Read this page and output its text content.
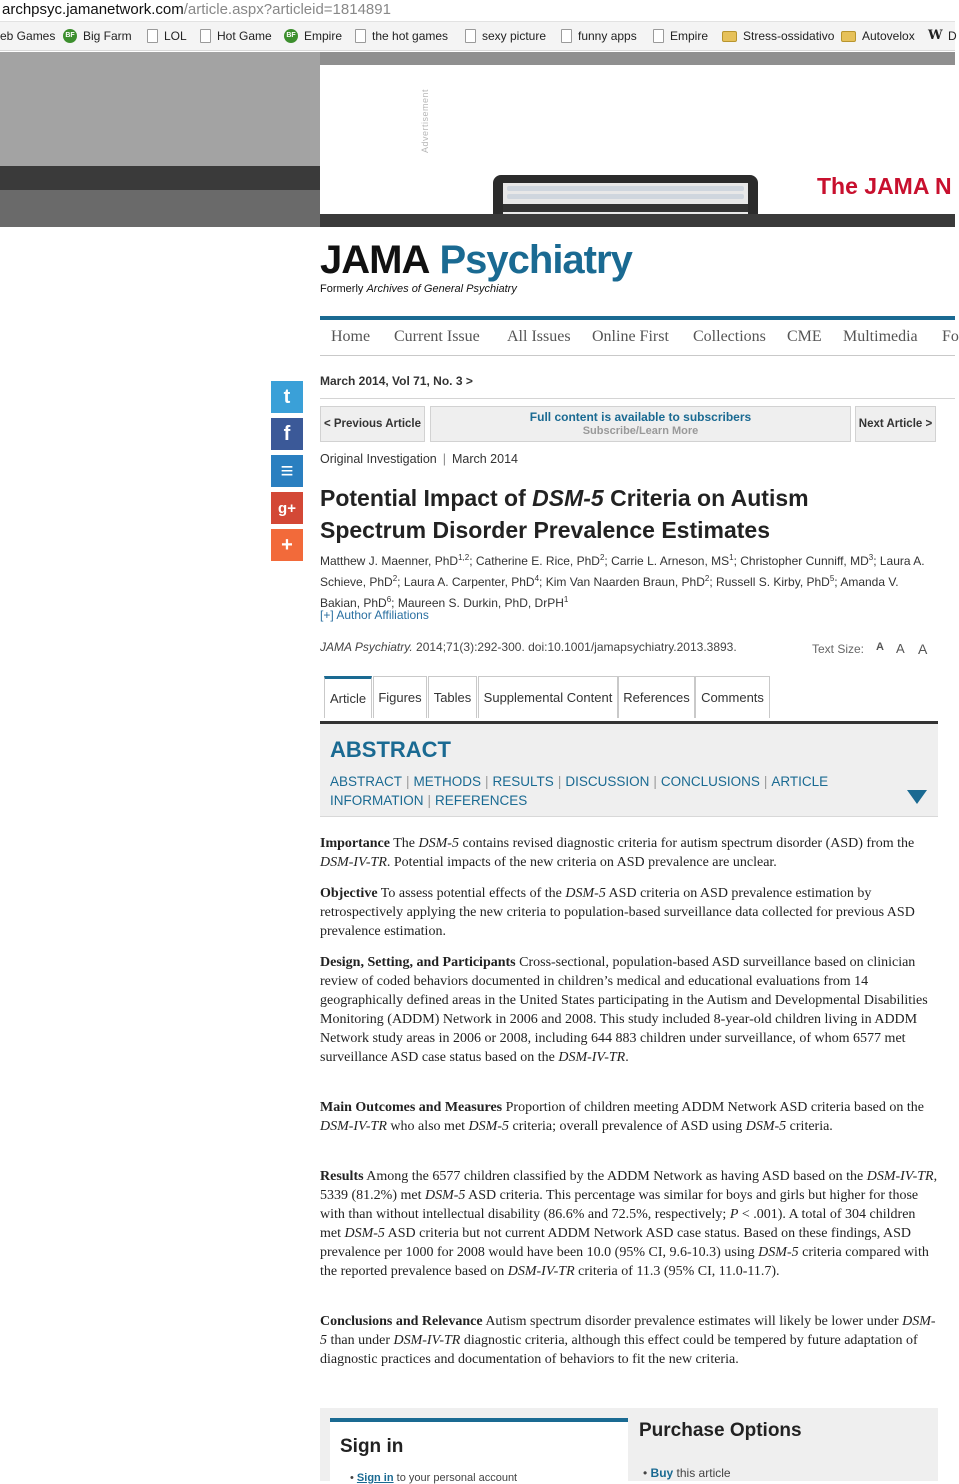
archpsyc.jamanetwork.com/article.aspx?articleid=1814891
eb Games	BF Big Farm	LOL	Hot Game	BF Empire the hot games	sexy picture	funny apps	Empire	Stress-ossidativo Autovelox W D
Advertisement
The JAMA N
JAMA Psychiatry
Formerly Archives of General Psychiatry
Home Current Issue All Issues Online First Collections CME Multimedia Fo
t
f
≡
g+
+
March 2014, Vol 71, No. 3 >
< Previous Article	Full content is available to subscribers
Subscribe/Learn More
Next Article >
Original Investigation | March 2014
Potential Impact of DSM-5 Criteria on Autism Spectrum Disorder Prevalence Estimates
Matthew J. Maenner, PhD$^{1,2}$; Catherine E. Rice, PhD$^2$; Carrie L. Arneson, $MS^1$; Christopher Cunniff, $MD^3$; Laura A. Schieve, PhD$^2$; Laura A. Carpenter, PhD$^4$; Kim Van Naarden Braun, PhD$^2$; Russell S. Kirby, PhD$^5$; Amanda V. Bakian, PhD$^6$; Maureen S. Durkin, PhD, DrPH$^1$
[+] Author Affiliations
JAMA Psychiatry. 2014;71(3):292-300. doi:10.1001/jamapsychiatry.2013.3893.	Text Size: A A A
Article Figures Tables Supplemental Content References Comments
ABSTRACT
ABSTRACT | METHODS | RESULTS | DISCUSSION | CONCLUSIONS | ARTICLE INFORMATION | REFERENCES
Importance The DSM-5 contains revised diagnostic criteria for autism spectrum disorder (ASD) from the DSM-IV-TR. Potential impacts of the new criteria on ASD prevalence are unclear.
Objective To assess potential effects of the DSM-5 ASD criteria on ASD prevalence estimation by retrospectively applying the new criteria to population-based surveillance data collected for previous ASD prevalence estimation.
Design, Setting, and Participants Cross-sectional, population-based ASD surveillance based on clinician review of coded behaviors documented in children’s medical and educational evaluations from 14 geographically defined areas in the United States participating in the Autism and Developmental Disabilities Monitoring (ADDM) Network in 2006 and 2008. This study included 8-year-old children living in ADDM Network study areas in 2006 or 2008, including 644 883 children under surveillance, of whom 6577 met surveillance ASD case status based on the DSM-IV-TR.
Main Outcomes and Measures Proportion of children meeting ADDM Network ASD criteria based on the DSM-IV-TR who also met DSM-5 criteria; overall prevalence of ASD using DSM-5 criteria.
Results Among the 6577 children classified by the ADDM Network as having ASD based on the DSM-IV-TR, 5339 (81.2%) met DSM-5 ASD criteria. This percentage was similar for boys and girls but higher for those with than without intellectual disability (86.6% and 72.5%, respectively; P < .001). A total of 304 children met DSM-5 ASD criteria but not current ADDM Network ASD case status. Based on these findings, ASD prevalence per 1000 for 2008 would have been 10.0 (95% CI, 9.6-10.3) using DSM-5 criteria compared with the reported prevalence based on DSM-IV-TR criteria of 11.3 (95% CI, 11.0-11.7).
Conclusions and Relevance Autism spectrum disorder prevalence estimates will likely be lower under DSM-5 than under DSM-IV-TR diagnostic criteria, although this effect could be tempered by future adaptation of diagnostic practices and documentation of behaviors to fit the new criteria.
Sign in
• Sign in to your personal account
Purchase Options
• Buy this article
